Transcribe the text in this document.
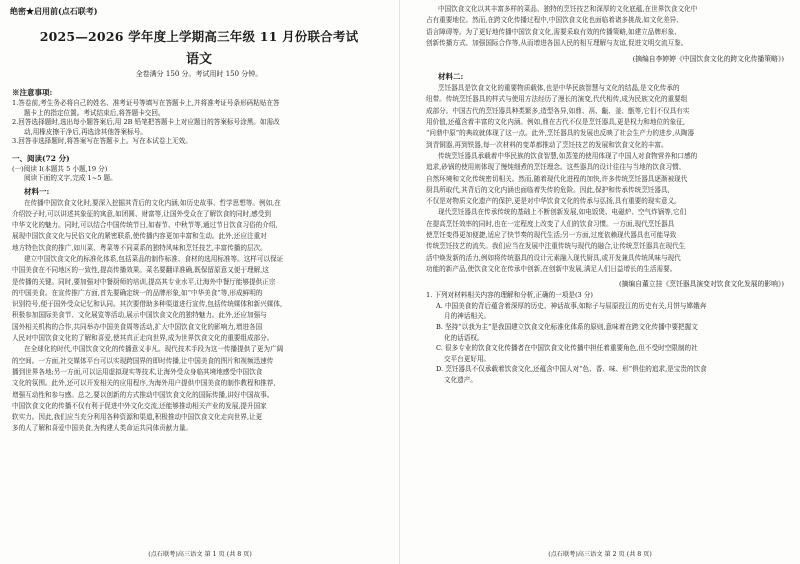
绝密★启用前(点石联考)
2025—2026 学年度上学期高三年级 11 月份联合考试
语文
全卷满分 150 分。考试用时 150 分钟。
※注意事项:
1.答卷前,考生务必将自己的姓名、准考证号等填写在答题卡上,并将准考证号条形码粘贴在答
题卡上的指定位置。考试结束后,将答题卡交回。
2.回答选择题时,选出每小题答案后,用 2B 铅笔把答题卡上对应题目的答案标号涂黑。如需改
动,用橡皮擦干净后,再选涂其他答案标号。
3.回答非选择题时,将答案写在答题卡上。写在本试卷上无效。
一、阅读(72 分)
(一)阅读 I(本题共 5 小题,19 分)
阅读下面的文字,完成 1~5 题。
材料一:
在传播中国饮食文化时,要深入挖掘其背后的文化内涵,如历史故事、哲学思想等。例如,在
介绍饺子时,可以讲述其象征的寓意,如团圆、财富等,让国外受众在了解饮食的同时,感受到
中华文化的魅力。同时,可以结合中国传统节日,如春节、中秋节等,通过节日饮食习俗的介绍,
展现中国饮食文化与民俗文化的紧密联系,使传播内容更加丰富和生动。此外,还应注重对
地方特色饮食的推广,如川菜、粤菜等不同菜系的独特风味和烹饪技艺,丰富传播的层次。
建立中国饮食文化的标准化体系,包括菜品的制作标准、食材的选用标准等。这样可以保证
中国美食在不同地区的一致性,提高传播效果。菜名要翻译准确,既保留原意又便于理解,这
是传播的关键。同时,要加强对中餐厨师的培训,提高其专业水平,让海外中餐厅能够提供正宗
的中国美食。在宣传推广方面,首先要确定统一的品牌形象,如“中华美食”等,形成鲜明的
识别符号,便于国外受众记忆和认同。其次要借助多种渠道进行宣传,包括传统媒体和新兴媒体,
积极参加国际美食节、文化展览等活动,展示中国饮食文化的独特魅力。此外,还应加强与
国外相关机构的合作,共同举办中国美食周等活动,扩大中国饮食文化的影响力,增进各国
人民对中国饮食文化的了解和喜爱,使其真正走向世界,成为世界饮食文化的重要组成部分。
在全球化的时代,中国饮食文化的传播意义非凡。现代技术手段为这一传播提供了更为广阔
的空间。一方面,社交媒体平台可以实现跨国界的即时传播,让中国美食的图片和视频迅速传
播到世界各地;另一方面,可以运用虚拟现实等技术,让海外受众身临其境地感受中国饮食
文化的氛围。此外,还可以开发相关的应用程序,为海外用户提供中国美食的制作教程和推荐,
增强互动性和参与感。总之,要以创新的方式推动中国饮食文化的国际传播,讲好中国故事。
中国饮食文化的传播不仅有利于促进中外文化交流,还能够推动相关产业的发展,提升国家
软实力。因此,我们应当充分利用各种资源和渠道,积极推动中国饮食文化走向世界,让更
多的人了解和喜爱中国美食,为构建人类命运共同体贡献力量。
(点石联考)高三语文 第 1 页 (共 8 页)
中国饮食文化以其丰富多样的菜品、独特的烹饪技艺和深厚的文化底蕴,在世界饮食文化中
占有重要地位。然而,在跨文化传播过程中,中国饮食文化也面临着诸多挑战,如文化差异、
语言障碍等。为了更好地传播中国饮食文化,需要采取有效的传播策略,如建立品牌形象、
创新传播方式、加强国际合作等,从而增进各国人民的相互理解与友谊,促进文明交流互鉴。
(摘编自李婷婷《中国饮食文化的跨文化传播策略》)
材料二:
烹饪器具是饮食文化的重要物质载体,也是中华民族智慧与文化的结晶,是文化传承的
纽带。传统烹饪器具的样式与使用方法经历了漫长的演变,代代相传,成为民族文化的重要组
成部分。中国古代的烹饪器具种类繁多,造型各异,如鼎、鬲、甗、釜、甑等,它们不仅具有实
用价值,还蕴含着丰富的文化内涵。例如,鼎在古代不仅是烹饪器具,更是权力和地位的象征,
“问鼎中原”的典故就体现了这一点。此外,烹饪器具的发展也反映了社会生产力的进步,从陶器
到青铜器,再到铁器,每一次材料的变革都推动了烹饪技艺的发展和饮食文化的丰富。
传统烹饪器具承载着中华民族的饮食智慧,如蒸笼的使用体现了中国人对食物营养和口感的
追求,砂锅的使用则体现了慢炖细煮的烹饪理念。这些器具的设计往往与当地的饮食习惯、
自然环境和文化传统密切相关。然而,随着现代化进程的加快,许多传统烹饪器具逐渐被现代
厨具所取代,其背后的文化内涵也面临着失传的危险。因此,保护和传承传统烹饪器具,
不仅是对物质文化遗产的保护,更是对中华饮食文化的传承与弘扬,具有重要的现实意义。
现代烹饪器具在传承传统的基础上不断创新发展,如电饭煲、电磁炉、空气炸锅等,它们
在提高烹饪效率的同时,也在一定程度上改变了人们的饮食习惯。一方面,现代烹饪器具
使烹饪变得更加便捷,适应了快节奏的现代生活;另一方面,过度依赖现代器具也可能导致
传统烹饪技艺的流失。我们应当在发展中注重传统与现代的融合,让传统烹饪器具在现代生
活中焕发新的活力,例如将传统器具的设计元素融入现代厨具,或开发兼具传统风味与现代
功能的新产品,使饮食文化在传承中创新,在创新中发展,满足人们日益增长的生活需要。
(摘编自董立挂《烹饪器具演变对饮食文化发展的影响》)
1. 下列对材料相关内容的理解和分析,正确的一项是(3 分)
A. 中国美食的背后蕴含着深厚的历史、神话故事,如粽子与屈原投江的历史有关,月饼与嫦娥奔
月的神话相关。
B. 坚持“以我为主”是我国建立饮食文化标准化体系的原则,意味着在跨文化传播中要把握文
化的话语权。
C. 很多专业的饮食文化传播者在中国饮食文化传播中担任着重要角色,但不受时空限制的社
交平台更好用。
D. 烹饪器具不仅承载着饮食文化,还蕴含中国人对“色、香、味、形”俱佳的追求,是宝贵的饮食
文化遗产。
(点石联考)高三语文 第 2 页 (共 8 页)
